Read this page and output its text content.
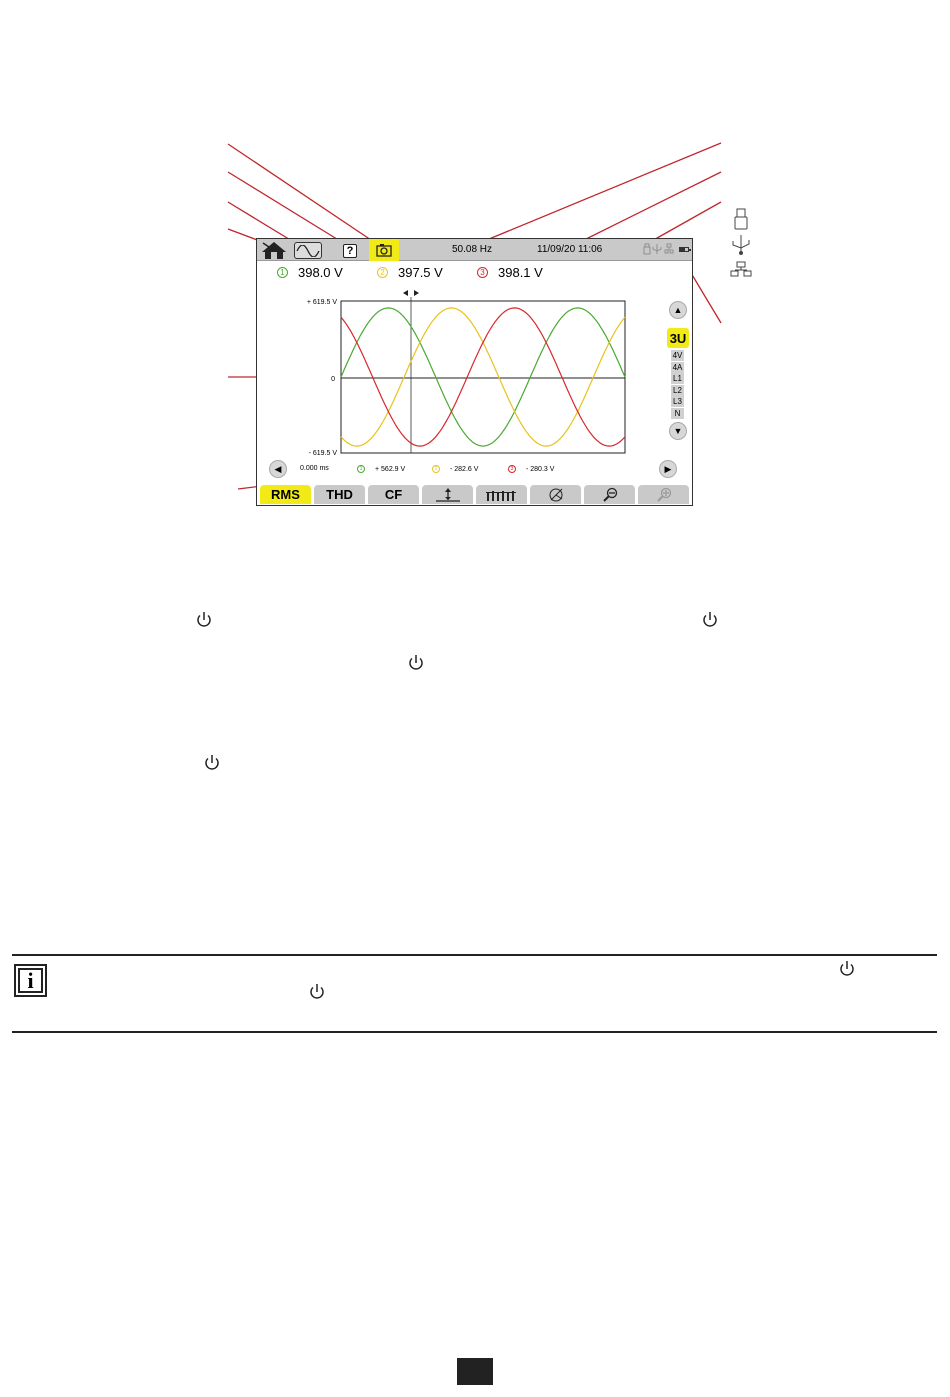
?	50.08 Hz	11/09/20 11:06
1 398.0 V	2 397.5 V	3 398.1 V
+ 619.5 V
0
- 619.5 V
▲
3U
4V
4A
L1
L2
L3
N
▼
◀	0.000 ms	1	+ 562.9 V	2	- 282.6 V	3	- 280.3 V	▶
RMS	THD	CF
i
